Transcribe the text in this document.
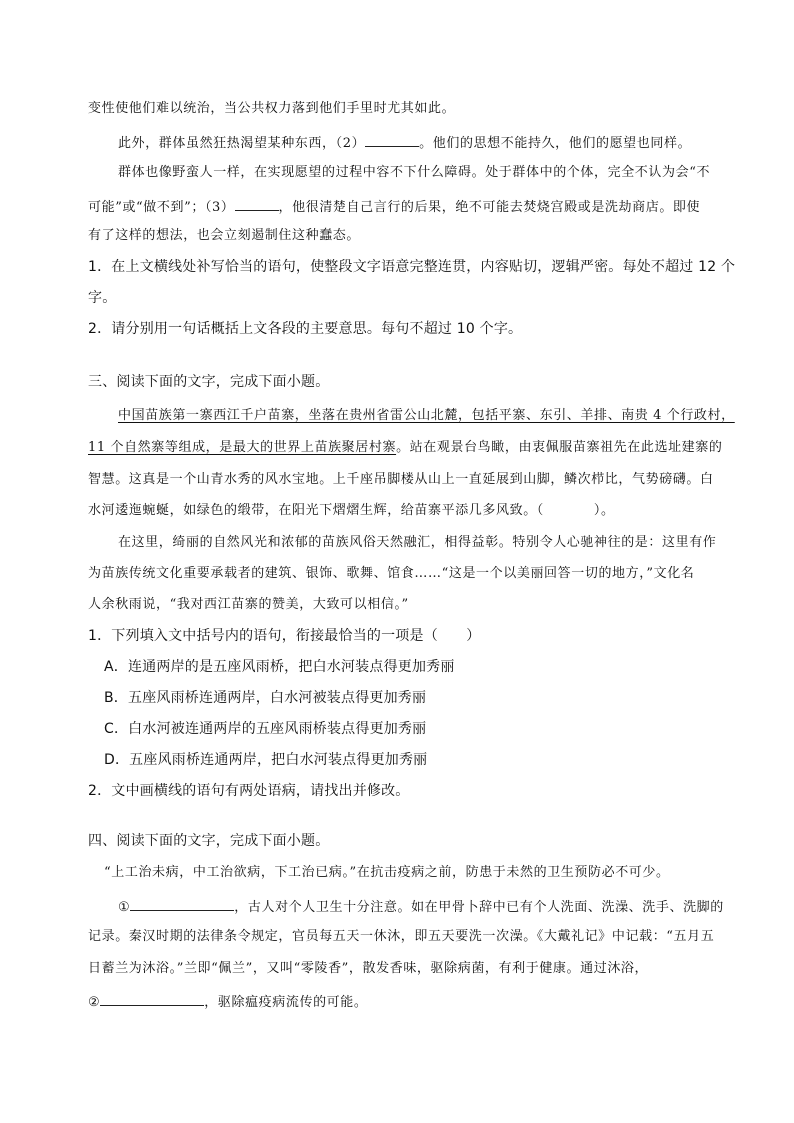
变性使他们难以统治，当公共权力落到他们手里时尤其如此。
此外，群体虽然狂热渴望某种东西，（2）	。他们的思想不能持久，他们的愿望也同样。
群体也像野蛮人一样，在实现愿望的过程中容不下什么障碍。处于群体中的个体，完全不认为会“不
可能”或“做不到”；（3）	，他很清楚自己言行的后果，绝不可能去焚烧宫殿或是洗劫商店。即使
有了这样的想法，也会立刻遏制住这种蠢态。
1．在上文横线处补写恰当的语句，使整段文字语意完整连贯，内容贴切，逻辑严密。每处不超过 12 个
字。
2．请分别用一句话概括上文各段的主要意思。每句不超过 10 个字。
三、阅读下面的文字，完成下面小题。
中国苗族第一寨西江千户苗寨，坐落在贵州省雷公山北麓，包括平寨、东引、羊排、南贵 4 个行政村，
11 个自然寨等组成，是最大的世界上苗族聚居村寨。站在观景台鸟瞰，由衷佩服苗寨祖先在此选址建寨的
智慧。这真是一个山青水秀的风水宝地。上千座吊脚楼从山上一直延展到山脚，鳞次栉比，气势磅礴。白
水河逶迤蜿蜒，如绿色的缎带，在阳光下熠熠生辉，给苗寨平添几多风致。（	）。
在这里，绮丽的自然风光和浓郁的苗族风俗天然融汇，相得益彰。特别令人心驰神往的是：这里有作
为苗族传统文化重要承载者的建筑、银饰、歌舞、馆食……“这是一个以美丽回答一切的地方，”文化名
人余秋雨说，“我对西江苗寨的赞美，大致可以相信。”
1．下列填入文中括号内的语句，衔接最恰当的一项是（　　）
A．连通两岸的是五座风雨桥，把白水河装点得更加秀丽
B．五座风雨桥连通两岸，白水河被装点得更加秀丽
C．白水河被连通两岸的五座风雨桥装点得更加秀丽
D．五座风雨桥连通两岸，把白水河装点得更加秀丽
2．文中画横线的语句有两处语病，请找出并修改。
四、阅读下面的文字，完成下面小题。
“上工治未病，中工治欲病，下工治已病。”在抗击疫病之前，防患于未然的卫生预防必不可少。
①	，古人对个人卫生十分注意。如在甲骨卜辞中已有个人洗面、洗澡、洗手、洗脚的
记录。秦汉时期的法律条令规定，官员每五天一休沐，即五天要洗一次澡。《大戴礼记》中记载：“五月五
日蓄兰为沐浴。”兰即“佩兰”，又叫“零陵香”，散发香味，驱除病菌，有利于健康。通过沐浴，
②	，驱除瘟疫病流传的可能。
